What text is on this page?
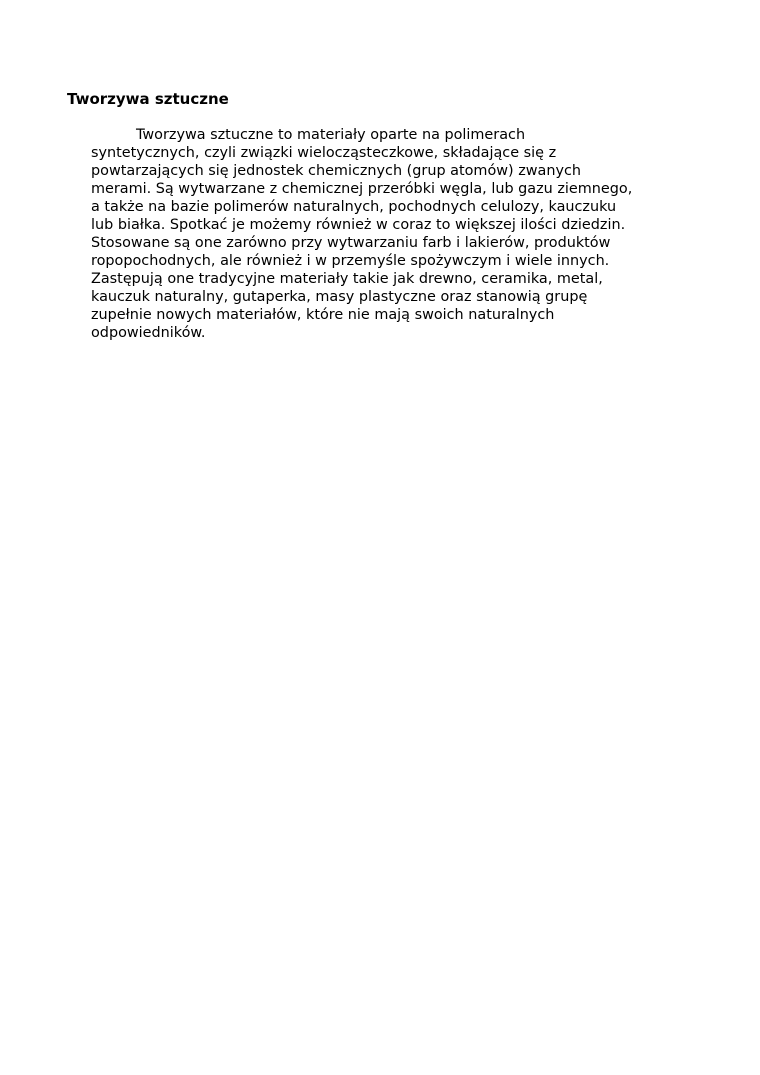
Tworzywa sztuczne
Tworzywa sztuczne to materiały oparte na polimerach
syntetycznych, czyli związki wielocząsteczkowe, składające się z
powtarzających się jednostek chemicznych (grup atomów) zwanych
merami. Są wytwarzane z chemicznej przeróbki węgla, lub gazu ziemnego,
a także na bazie polimerów naturalnych, pochodnych celulozy, kauczuku
lub białka. Spotkać je możemy również w coraz to większej ilości dziedzin.
Stosowane są one zarówno przy wytwarzaniu farb i lakierów, produktów
ropopochodnych, ale również i w przemyśle spożywczym i wiele innych.
Zastępują one tradycyjne materiały takie jak drewno, ceramika, metal,
kauczuk naturalny, gutaperka, masy plastyczne oraz stanowią grupę
zupełnie nowych materiałów, które nie mają swoich naturalnych
odpowiedników.
